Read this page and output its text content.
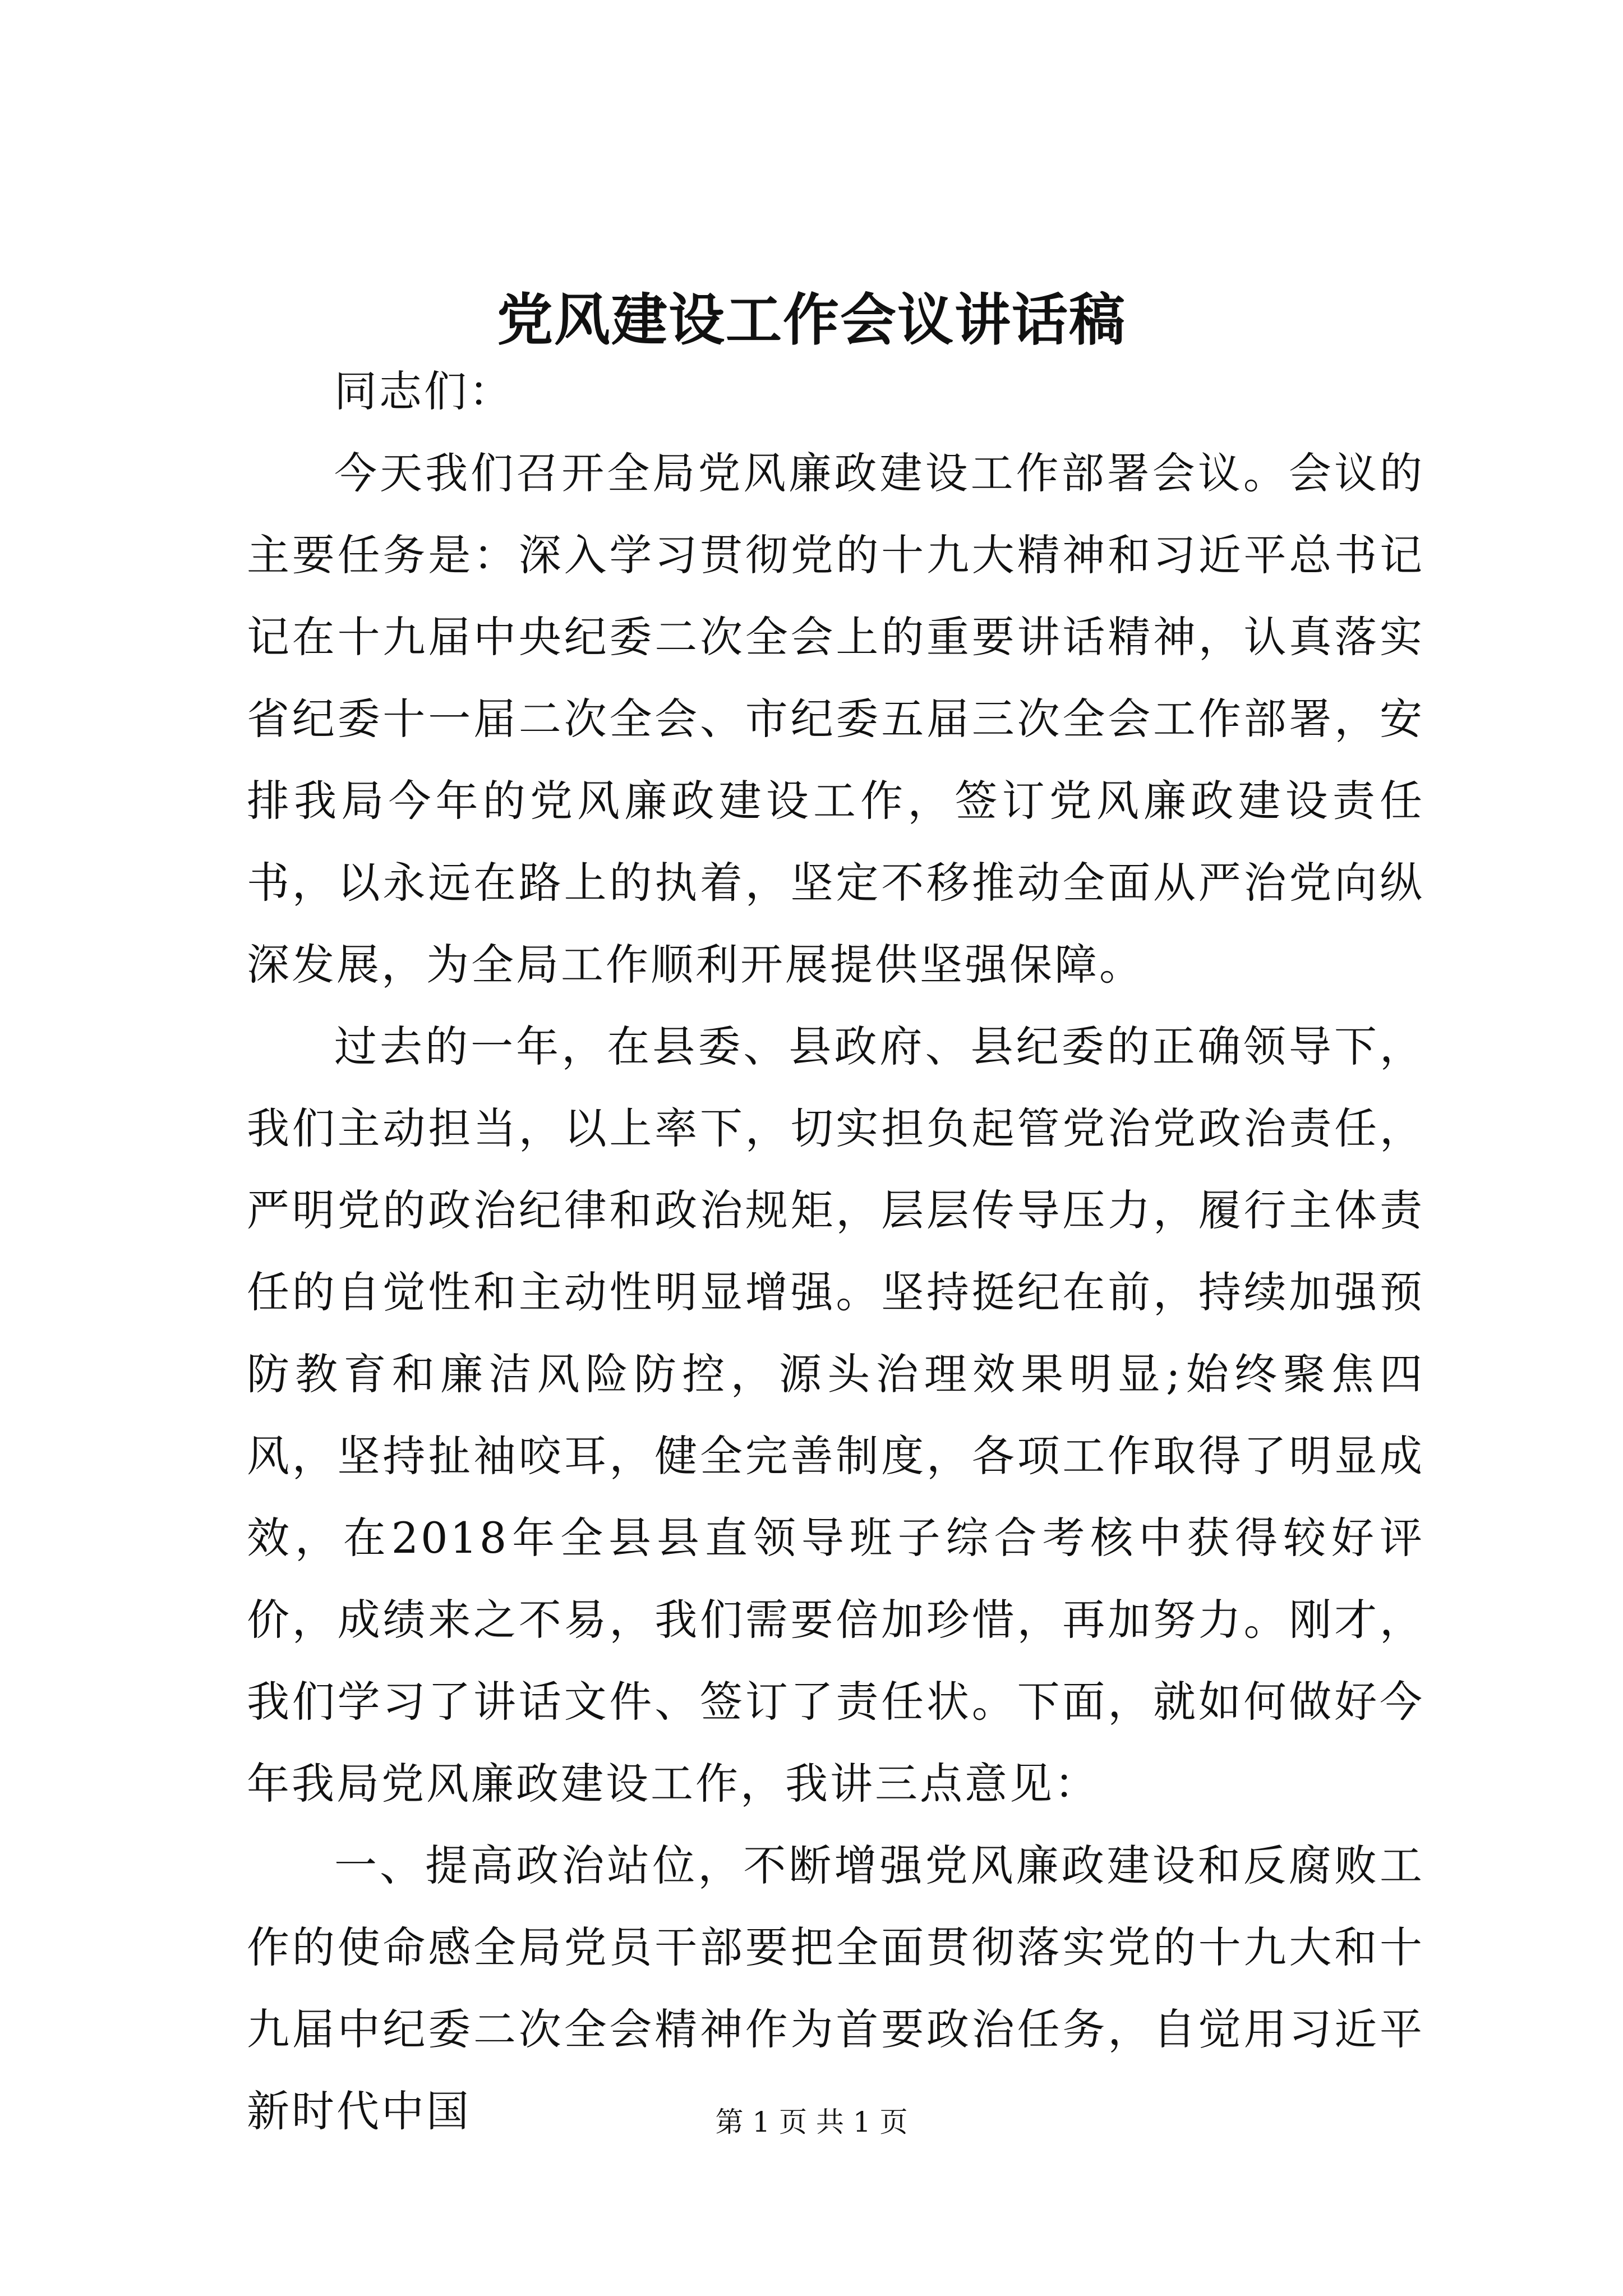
党风建设工作会议讲话稿

同志们：

今天我们召开全局党风廉政建设工作部署会议。会议的主要任务是：深入学习贯彻党的十九大精神和习近平总书记记在十九届中央纪委二次全会上的重要讲话精神，认真落实省纪委十一届二次全会、市纪委五届三次全会工作部署，安排我局今年的党风廉政建设工作，签订党风廉政建设责任书，以永远在路上的执着，坚定不移推动全面从严治党向纵深发展，为全局工作顺利开展提供坚强保障。

过去的一年，在县委、县政府、县纪委的正确领导下，我们主动担当，以上率下，切实担负起管党治党政治责任，严明党的政治纪律和政治规矩，层层传导压力，履行主体责任的自觉性和主动性明显增强。坚持挺纪在前，持续加强预防教育和廉洁风险防控，源头治理效果明显;始终聚焦四风，坚持扯袖咬耳，健全完善制度，各项工作取得了明显成效，在2018年全县县直领导班子综合考核中获得较好评价，成绩来之不易，我们需要倍加珍惜，再加努力。刚才，我们学习了讲话文件、签订了责任状。下面，就如何做好今年我局党风廉政建设工作，我讲三点意见：

一、提高政治站位，不断增强党风廉政建设和反腐败工作的使命感全局党员干部要把全面贯彻落实党的十九大和十九届中纪委二次全会精神作为首要政治任务，自觉用习近平新时代中国	第 1 页 共 1 页
